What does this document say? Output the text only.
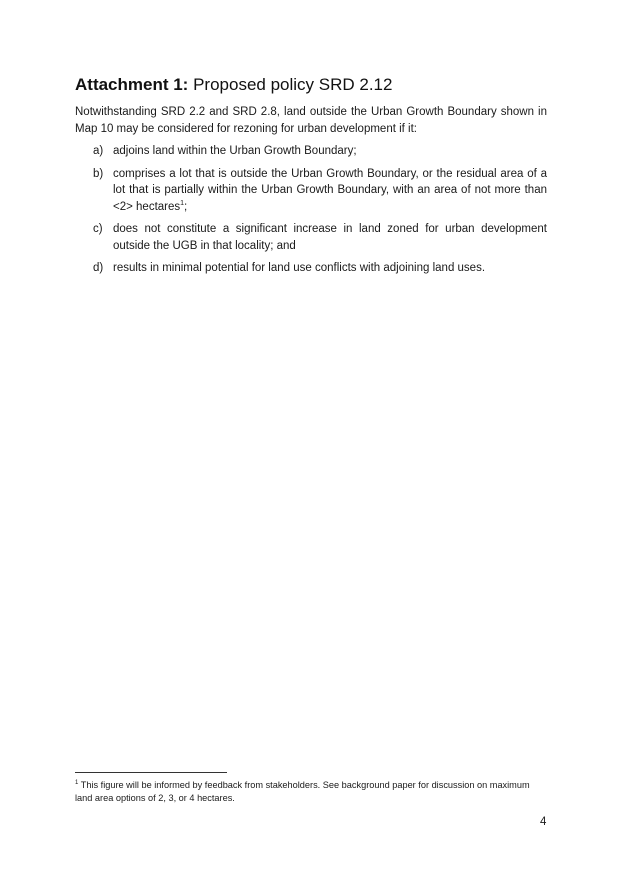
Attachment 1: Proposed policy SRD 2.12
Notwithstanding SRD 2.2 and SRD 2.8, land outside the Urban Growth Boundary shown in Map 10 may be considered for rezoning for urban development if it:
a) adjoins land within the Urban Growth Boundary;
b) comprises a lot that is outside the Urban Growth Boundary, or the residual area of a lot that is partially within the Urban Growth Boundary, with an area of not more than <2> hectares$^1$;
c) does not constitute a significant increase in land zoned for urban development outside the UGB in that locality; and
d) results in minimal potential for land use conflicts with adjoining land uses.
$^1$ This figure will be informed by feedback from stakeholders. See background paper for discussion on maximum land area options of 2, 3, or 4 hectares.
4
